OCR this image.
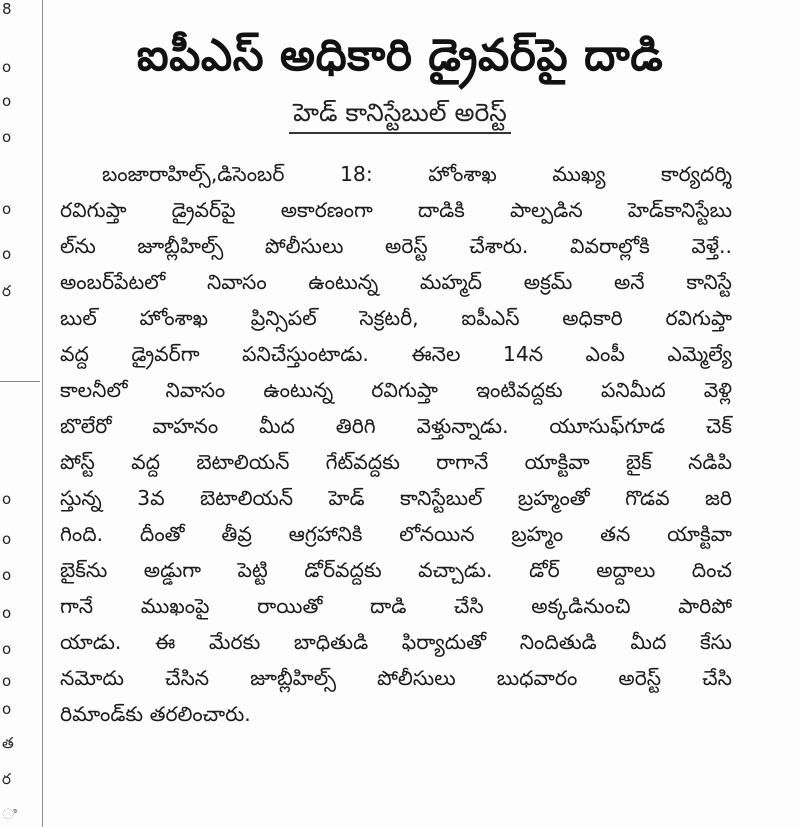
8
o
o
o
o
o
ర
o
o
o
o
o
o
o
త
ర
ಿ
ఐపీఎస్ అధికారి డ్రైవర్‌పై దాడి
హెడ్ కానిస్టేబుల్ అరెస్ట్
బంజారాహిల్స్,డిసెంబర్ 18: హోంశాఖ ముఖ్య కార్యదర్శి
రవిగుప్తా డ్రైవర్‌పై అకారణంగా దాడికి పాల్పడిన హెడ్‌కానిస్టేబు
ల్‌ను జూబ్లీహిల్స్ పోలీసులు అరెస్ట్ చేశారు. వివరాల్లోకి వెళ్తే..
అంబర్‌పేటలో నివాసం ఉంటున్న మహ్మద్ అక్రమ్ అనే కానిస్టే
బుల్ హోంశాఖ ప్రిన్సిపల్ సెక్రటరీ, ఐపీఎస్ అధికారి రవిగుప్తా
వద్ద డ్రైవర్‌గా పనిచేస్తుంటాడు. ఈనెల 14న ఎంపీ ఎమ్మెల్యే
కాలనీలో నివాసం ఉంటున్న రవిగుప్తా ఇంటివద్దకు పనిమీద వెళ్లి
బొలేరో వాహనం మీద తిరిగి వెళ్తున్నాడు. యూసుఫ్‌గూడ చెక్
పోస్ట్ వద్ద బెటాలియన్ గేట్‌వద్దకు రాగానే యాక్టివా బైక్ నడిపి
స్తున్న 3వ బెటాలియన్ హెడ్ కానిస్టేబుల్ బ్రహ్మంతో గొడవ జరి
గింది. దీంతో తీవ్ర ఆగ్రహానికి లోనయిన బ్రహ్మం తన యాక్టివా
బైక్‌ను అడ్డుగా పెట్టి డోర్‌వద్దకు వచ్చాడు. డోర్ అద్దాలు దించ
గానే ముఖంపై రాయితో దాడి చేసి అక్కడినుంచి పారిపో
యాడు. ఈ మేరకు బాధితుడి ఫిర్యాదుతో నిందితుడి మీద కేసు
నమోదు చేసిన జూబ్లీహిల్స్ పోలీసులు బుధవారం అరెస్ట్ చేసి
రిమాండ్‌కు తరలించారు.
